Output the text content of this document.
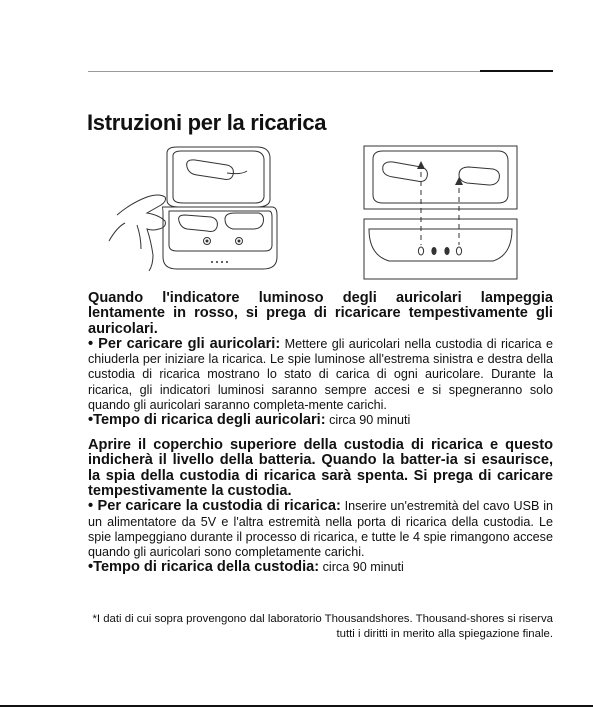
Istruzioni per la ricarica
Quando l'indicatore luminoso degli auricolari lampeggia lentamente in rosso, si prega di ricaricare tempestivamente gli auricolari.

• Per caricare gli auricolari: Mettere gli auricolari nella custodia di ricarica e chiuderla per iniziare la ricarica. Le spie luminose all'estrema sinistra e destra della custodia di ricarica mostrano lo stato di carica di ogni auricolare. Durante la ricarica, gli indicatori luminosi saranno sempre accesi e si spegneranno solo quando gli auricolari saranno completa-mente carichi.

•Tempo di ricarica degli auricolari: circa 90 minuti

Aprire il coperchio superiore della custodia di ricarica e questo indicherà il livello della batteria. Quando la batter-ia si esaurisce, la spia della custodia di ricarica sarà spenta. Si prega di caricare tempestivamente la custodia.

• Per caricare la custodia di ricarica: Inserire un'estremità del cavo USB in un alimentatore da 5V e l'altra estremità nella porta di ricarica della custodia. Le spie lampeggiano durante il processo di ricarica, e tutte le 4 spie rimangono accese quando gli auricolari sono completamente carichi.

•Tempo di ricarica della custodia: circa 90 minuti

*I dati di cui sopra provengono dal laboratorio Thousandshores. Thousand-shores si riserva tutti i diritti in merito alla spiegazione finale.
